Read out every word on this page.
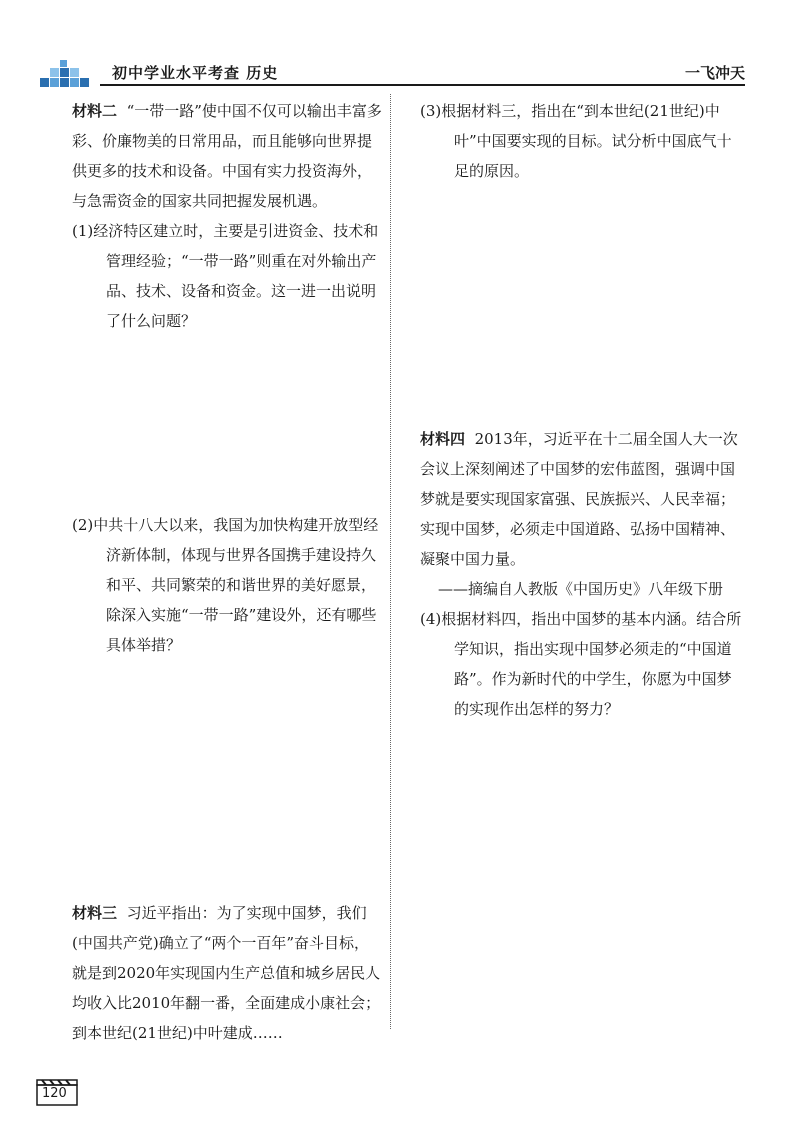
初中学业水平考查 历史	一飞冲天

材料二 “一带一路”使中国不仅可以输出丰富多彩、价廉物美的日常用品，而且能够向世界提供更多的技术和设备。中国有实力投资海外，与急需资金的国家共同把握发展机遇。

(1)经济特区建立时，主要是引进资金、技术和管理经验；“一带一路”则重在对外输出产品、技术、设备和资金。这一进一出说明了什么问题？

(2)中共十八大以来，我国为加快构建开放型经济新体制，体现与世界各国携手建设持久和平、共同繁荣的和谐世界的美好愿景，除深入实施“一带一路”建设外，还有哪些具体举措？

材料三 习近平指出：为了实现中国梦，我们(中国共产党)确立了“两个一百年”奋斗目标，就是到2020年实现国内生产总值和城乡居民人均收入比2010年翻一番，全面建成小康社会；到本世纪(21世纪)中叶建成……

(3)根据材料三，指出在“到本世纪(21世纪)中叶”中国要实现的目标。试分析中国底气十足的原因。

材料四 2013年，习近平在十二届全国人大一次会议上深刻阐述了中国梦的宏伟蓝图，强调中国梦就是要实现国家富强、民族振兴、人民幸福；实现中国梦，必须走中国道路、弘扬中国精神、凝聚中国力量。

——摘编自人教版《中国历史》八年级下册

(4)根据材料四，指出中国梦的基本内涵。结合所学知识，指出实现中国梦必须走的“中国道路”。作为新时代的中学生，你愿为中国梦的实现作出怎样的努力？

120
